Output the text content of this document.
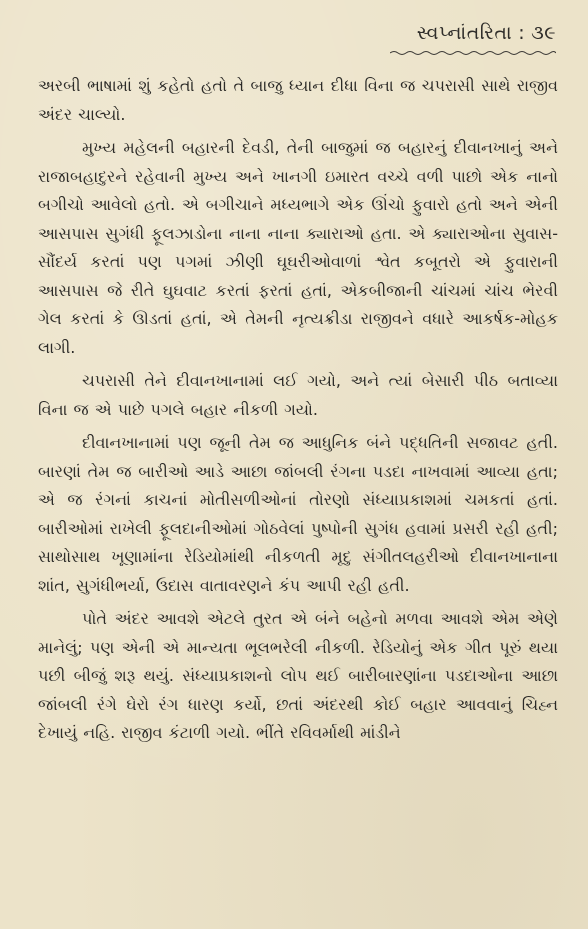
સ્વપ્નાંતરિતા : ૩૯

અરબી ભાષામાં શું કહેતો હતો તે બાજુ ધ્યાન દીધા વિના જ ચપરાસી સાથે રાજીવ અંદર ચાલ્યો.

મુખ્ય મહેલની બહારની દેવડી, તેની બાજુમાં જ બહારનું દીવાનખાનું અને રાજાબહાદુરને રહેવાની મુખ્ય અને ખાનગી ઇમારત વચ્ચે વળી પાછો એક નાનો બગીચો આવેલો હતો. એ બગીચાને મધ્યભાગે એક ઊંચો ફુવારો હતો અને એની આસપાસ સુગંધી ફૂલઝાડોના નાના નાના ક્યારાઓ હતા. એ ક્યારાઓના સુવાસ-સૌંદર્ય કરતાં પણ પગમાં ઝીણી ઘૂઘરીઓવાળાં શ્વેત કબૂતરો એ ફુવારાની આસપાસ જે રીતે ઘુઘવાટ કરતાં ફરતાં હતાં, એકબીજાની ચાંચમાં ચાંચ ભેરવી ગેલ કરતાં કે ઊડતાં હતાં, એ તેમની નૃત્યક્રીડા રાજીવને વધારે આકર્ષક-મોહક લાગી.

ચપરાસી તેને દીવાનખાનામાં લઈ ગયો, અને ત્યાં બેસારી પીઠ બતાવ્યા વિના જ એ પાછે પગલે બહાર નીકળી ગયો.

દીવાનખાનામાં પણ જૂની તેમ જ આધુનિક બંને પદ્ધતિની સજાવટ હતી. બારણાં તેમ જ બારીઓ આડે આછા જાંબલી રંગના પડદા નાખવામાં આવ્યા હતા; એ જ રંગનાં કાચનાં મોતીસળીઓનાં તોરણો સંધ્યાપ્રકાશમાં ચમકતાં હતાં. બારીઓમાં રાખેલી ફૂલદાનીઓમાં ગોઠવેલાં પુષ્પોની સુગંધ હવામાં પ્રસરી રહી હતી; સાથોસાથ ખૂણામાંના રેડિયોમાંથી નીકળતી મૃદુ સંગીતલહરીઓ દીવાનખાનાના શાંત, સુગંધીભર્યા, ઉદાસ વાતાવરણને કંપ આપી રહી હતી.

પોતે અંદર આવશે એટલે તુરત એ બંને બહેનો મળવા આવશે એમ એણે માનેલું; પણ એની એ માન્યતા ભૂલભરેલી નીકળી. રેડિયોનું એક ગીત પૂરું થયા પછી બીજું શરૂ થયું. સંધ્યાપ્રકાશનો લોપ થઈ બારીબારણાંના પડદાઓના આછા જાંબલી રંગે ઘેરો રંગ ધારણ કર્યો, છતાં અંદરથી કોઈ બહાર આવવાનું ચિહ્ન દેખાયું નહિ. રાજીવ કંટાળી ગયો. ભીંતે રવિવર્માથી માંડીને
